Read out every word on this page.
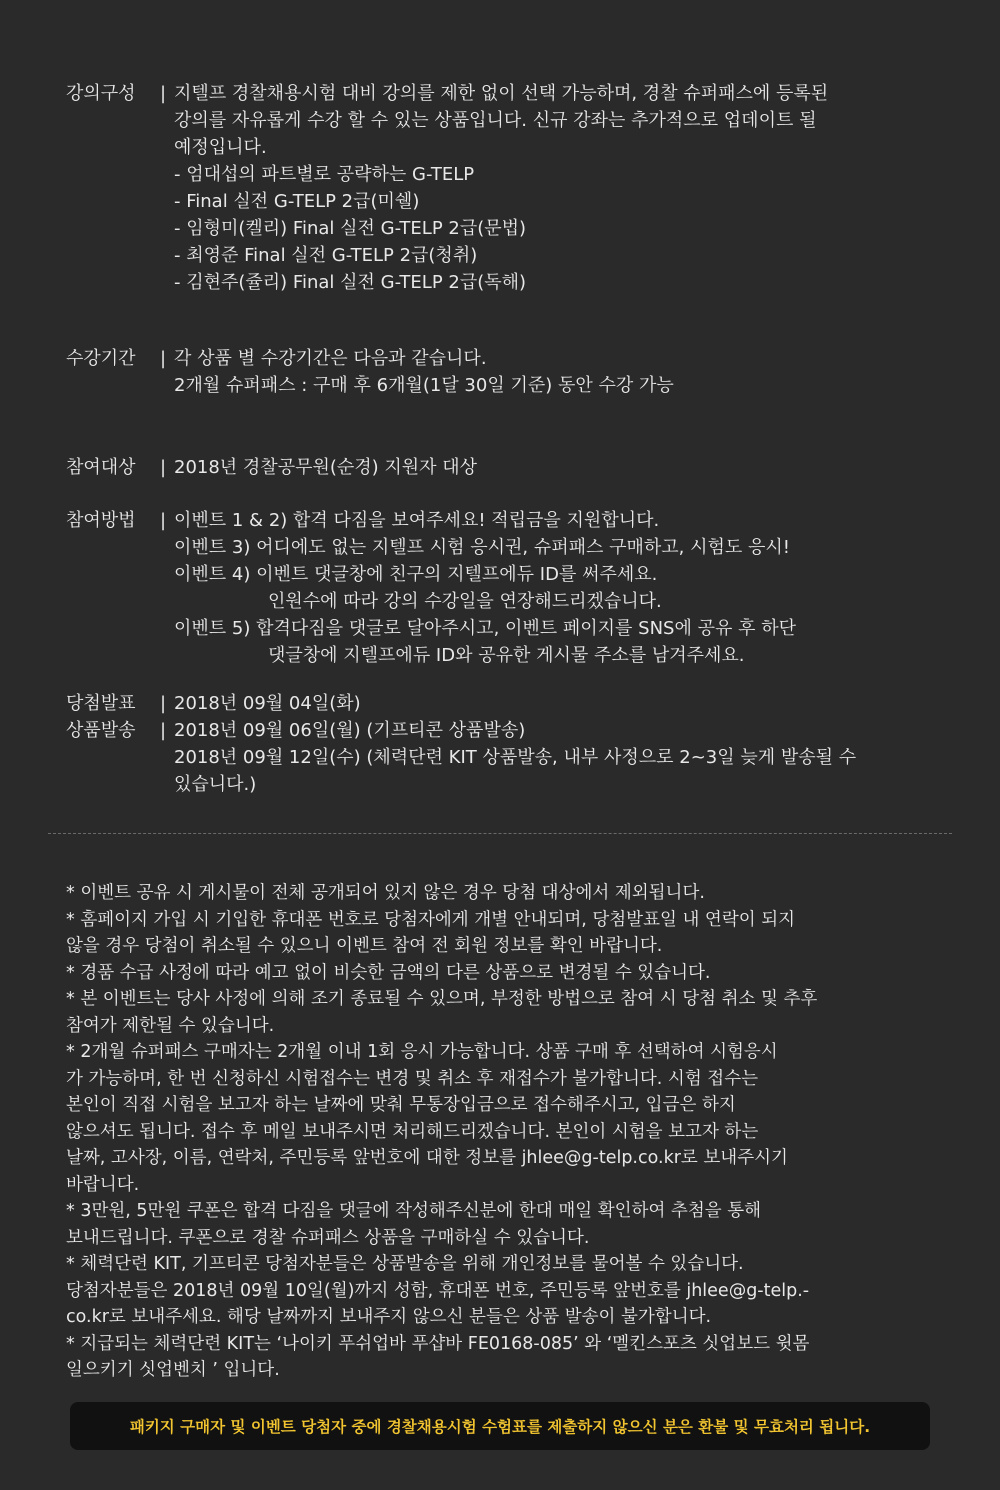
강의구성	| 지텔프 경찰채용시험 대비 강의를 제한 없이 선택 가능하며, 경찰 슈퍼패스에 등록된
강의를 자유롭게 수강 할 수 있는 상품입니다. 신규 강좌는 추가적으로 업데이트 될
예정입니다.
- 엄대섭의 파트별로 공략하는 G-TELP
- Final 실전 G-TELP 2급(미쉘)
- 임형미(켈리) Final 실전 G-TELP 2급(문법)
- 최영준 Final 실전 G-TELP 2급(청취)
- 김현주(쥴리) Final 실전 G-TELP 2급(독해)
수강기간	| 각 상품 별 수강기간은 다음과 같습니다.
2개월 슈퍼패스 : 구매 후 6개월(1달 30일 기준) 동안 수강 가능
참여대상	| 2018년 경찰공무원(순경) 지원자 대상
참여방법	| 이벤트 1 & 2) 합격 다짐을 보여주세요! 적립금을 지원합니다.
이벤트 3) 어디에도 없는 지텔프 시험 응시권, 슈퍼패스 구매하고, 시험도 응시!
이벤트 4) 이벤트 댓글창에 친구의 지텔프에듀 ID를 써주세요.
인원수에 따라 강의 수강일을 연장해드리겠습니다.
이벤트 5) 합격다짐을 댓글로 달아주시고, 이벤트 페이지를 SNS에 공유 후 하단
댓글창에 지텔프에듀 ID와 공유한 게시물 주소를 남겨주세요.
당첨발표	| 2018년 09월 04일(화)
상품발송	| 2018년 09월 06일(월) (기프티콘 상품발송)
2018년 09월 12일(수) (체력단련 KIT 상품발송, 내부 사정으로 2~3일 늦게 발송될 수
있습니다.)

* 이벤트 공유 시 게시물이 전체 공개되어 있지 않은 경우 당첨 대상에서 제외됩니다.

* 홈페이지 가입 시 기입한 휴대폰 번호로 당첨자에게 개별 안내되며, 당첨발표일 내 연락이 되지

않을 경우 당첨이 취소될 수 있으니 이벤트 참여 전 회원 정보를 확인 바랍니다.

* 경품 수급 사정에 따라 예고 없이 비슷한 금액의 다른 상품으로 변경될 수 있습니다.

* 본 이벤트는 당사 사정에 의해 조기 종료될 수 있으며, 부정한 방법으로 참여 시 당첨 취소 및 추후

참여가 제한될 수 있습니다.

* 2개월 슈퍼패스 구매자는 2개월 이내 1회 응시 가능합니다. 상품 구매 후 선택하여 시험응시

가 가능하며, 한 번 신청하신 시험접수는 변경 및 취소 후 재접수가 불가합니다. 시험 접수는

본인이 직접 시험을 보고자 하는 날짜에 맞춰 무통장입금으로 접수해주시고, 입금은 하지

않으셔도 됩니다. 접수 후 메일 보내주시면 처리해드리겠습니다. 본인이 시험을 보고자 하는

날짜, 고사장, 이름, 연락처, 주민등록 앞번호에 대한 정보를 jhlee@g-telp.co.kr로 보내주시기

바랍니다.

* 3만원, 5만원 쿠폰은 합격 다짐을 댓글에 작성해주신분에 한대 매일 확인하여 추첨을 통해

보내드립니다. 쿠폰으로 경찰 슈퍼패스 상품을 구매하실 수 있습니다.

* 체력단련 KIT, 기프티콘 당첨자분들은 상품발송을 위해 개인정보를 물어볼 수 있습니다.

당첨자분들은 2018년 09월 10일(월)까지 성함, 휴대폰 번호, 주민등록 앞번호를 jhlee@g-telp.-

co.kr로 보내주세요. 해당 날짜까지 보내주지 않으신 분들은 상품 발송이 불가합니다.

* 지급되는 체력단련 KIT는 ‘나이키 푸쉬업바 푸샵바 FE0168-085’ 와 ‘멜킨스포츠 싯업보드 윗몸

일으키기 싯업벤치 ’ 입니다.

패키지 구매자 및 이벤트 당첨자 중에 경찰채용시험 수험표를 제출하지 않으신 분은 환불 및 무효처리 됩니다.
